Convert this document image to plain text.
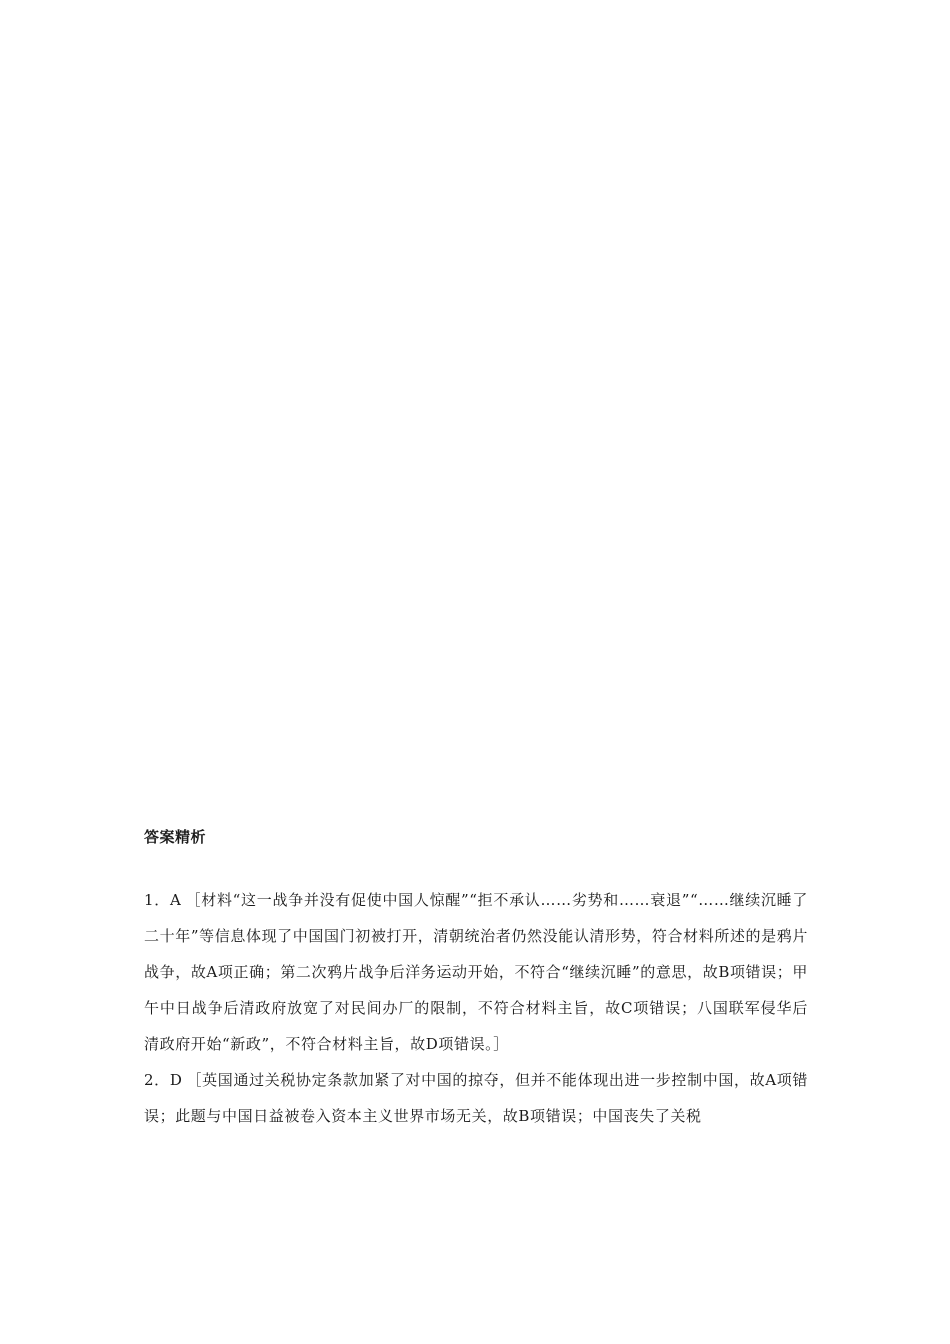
答案精析

1．A ［材料“这一战争并没有促使中国人惊醒”“拒不承认……劣势和……衰退”“……继续沉睡了二十年”等信息体现了中国国门初被打开，清朝统治者仍然没能认清形势，符合材料所述的是鸦片战争，故A项正确；第二次鸦片战争后洋务运动开始，不符合“继续沉睡”的意思，故B项错误；甲午中日战争后清政府放宽了对民间办厂的限制，不符合材料主旨，故C项错误；八国联军侵华后清政府开始“新政”，不符合材料主旨，故D项错误。］

2．D ［英国通过关税协定条款加紧了对中国的掠夺，但并不能体现出进一步控制中国，故A项错误；此题与中国日益被卷入资本主义世界市场无关，故B项错误；中国丧失了关税
